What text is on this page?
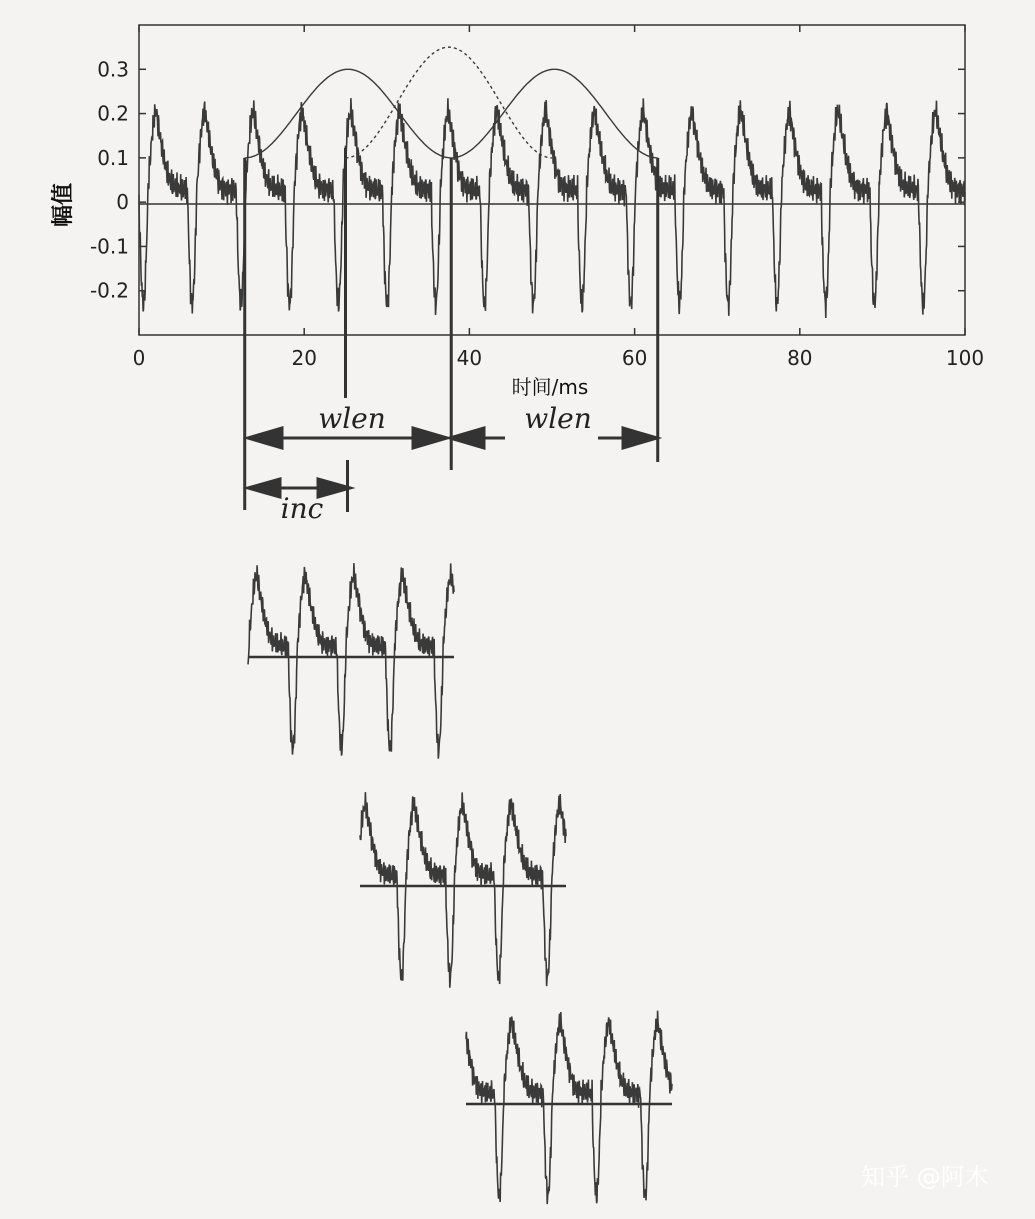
0.3
0.2
0.1
0
-0.1
-0.2
0	20	40	60	80	100
幅值
时间/ms
wlen	wlen
inc
知乎 @阿木
